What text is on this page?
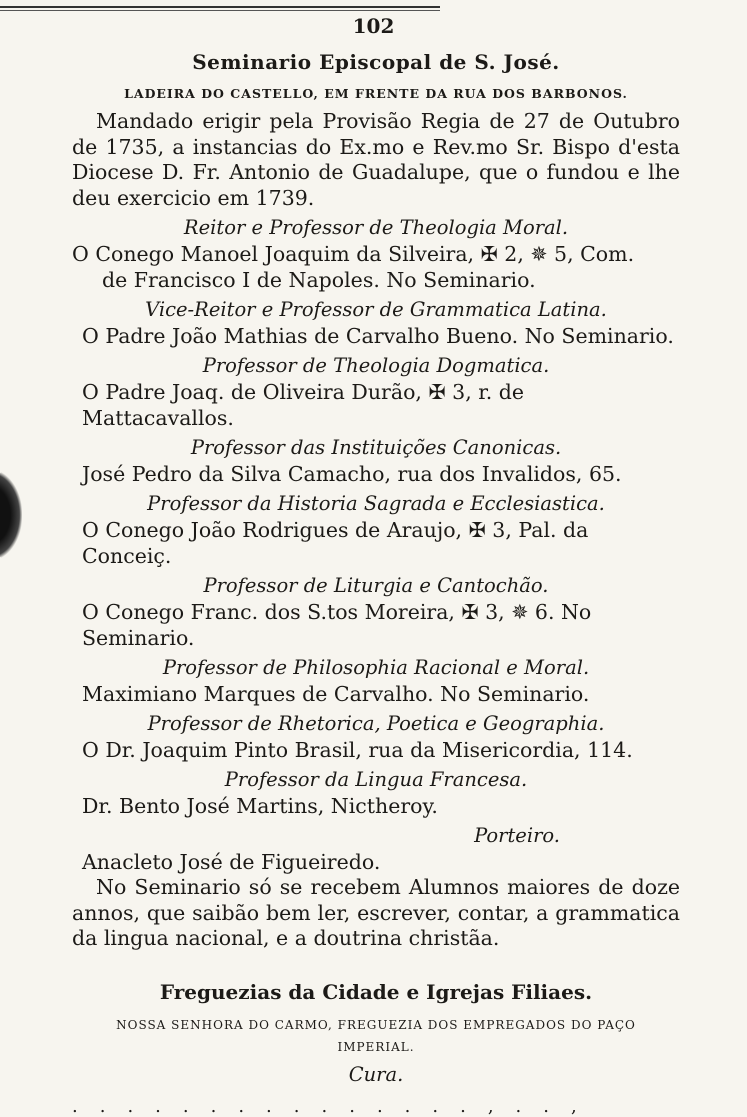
102
Seminario Episcopal de S. José.
LADEIRA DO CASTELLO, EM FRENTE DA RUA DOS BARBONOS.

Mandado erigir pela Provisão Regia de 27 de Outubro de 1735, a instancias do Ex.mo e Rev.mo Sr. Bispo d'esta Diocese D. Fr. Antonio de Guadalupe, que o fundou e lhe deu exercicio em 1739.

Reitor e Professor de Theologia Moral.
O Conego Manoel Joaquim da Silveira, ✠ 2, ✵ 5, Com.
de Francisco I de Napoles. No Seminario.
Vice-Reitor e Professor de Grammatica Latina.
O Padre João Mathias de Carvalho Bueno. No Seminario.
Professor de Theologia Dogmatica.
O Padre Joaq. de Oliveira Durão, ✠ 3, r. de Mattacavallos.
Professor das Instituições Canonicas.
José Pedro da Silva Camacho, rua dos Invalidos, 65.
Professor da Historia Sagrada e Ecclesiastica.
O Conego João Rodrigues de Araujo, ✠ 3, Pal. da Conceiç.
Professor de Liturgia e Cantochão.
O Conego Franc. dos S.tos Moreira, ✠ 3, ✵ 6. No Seminario.
Professor de Philosophia Racional e Moral.
Maximiano Marques de Carvalho. No Seminario.
Professor de Rhetorica, Poetica e Geographia.
O Dr. Joaquim Pinto Brasil, rua da Misericordia, 114.
Professor da Lingua Francesa.
Dr. Bento José Martins, Nictheroy.
Porteiro.
Anacleto José de Figueiredo.

No Seminario só se recebem Alumnos maiores de doze annos, que saibão bem ler, escrever, contar, a grammatica da lingua nacional, e a doutrina christãa.

Freguezias da Cidade e Igrejas Filiaes.
NOSSA SENHORA DO CARMO, FREGUEZIA DOS EMPREGADOS DO PAÇO
IMPERIAL.
Cura.
...............,..,
